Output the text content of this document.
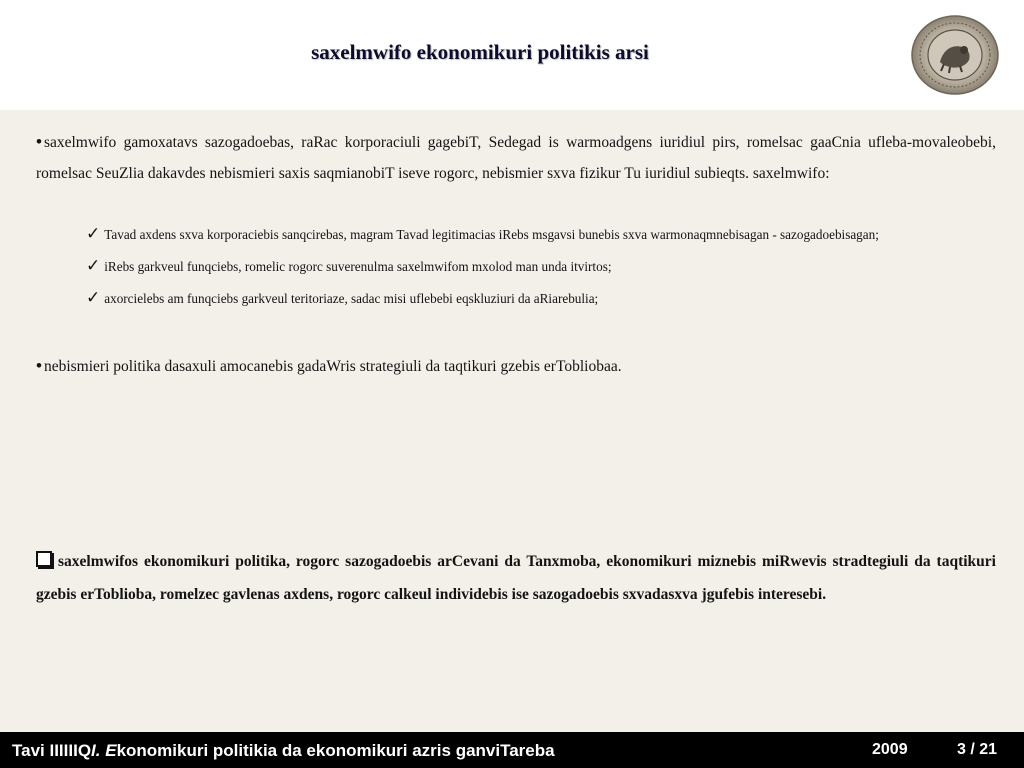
saxelmwifo ekonomikuri politikis arsi
• saxelmwifo gamoxatavs sazogadoebas, raRac korporaciuli gagebiT, Sedegad is warmoadgens iuridiul pirs, romelsac gaaCnia ufleba-movaleobebi, romelsac SeuZlia dakavdes nebismieri saxis saqmianobiT iseve rogorc, nebismier sxva fizikur Tu iuridiul subieqts. saxelmwifo:
✓ Tavad axdens sxva korporaciebis sanqcirebas, magram Tavad legitimacias iRebs msgavsi bunebis sxva warmonaqmnebisagan - sazogadoebisagan;
✓ iRebs garkveul funqciebs, romelic rogorc suverenulma saxelmwifom mxolod man unda itvirtos;
✓ axorcielebs am funqciebs garkveul teritoriaze, sadac misi uflebebi eqskluziuri da aRiarebulia;
• nebismieri politika dasaxuli amocanebis gadaWris strategiuli da taqtikuri gzebis erTobliobaa.
saxelmwifos ekonomikuri politika, rogorc sazogadoebis arCevani da Tanxmoba, ekonomikuri miznebis miRwevis stradtegiuli da taqtikuri gzebis erToblioba, romelzec gavlenas axdens, rogorc calkeul individebis ise sazogadoebis sxvadasxva jgufebis interesebi.
Tavi IIIIIIQI. Ekonomikuri politikia da ekonomikuri azris ganviTareba	2009	3 / 21
